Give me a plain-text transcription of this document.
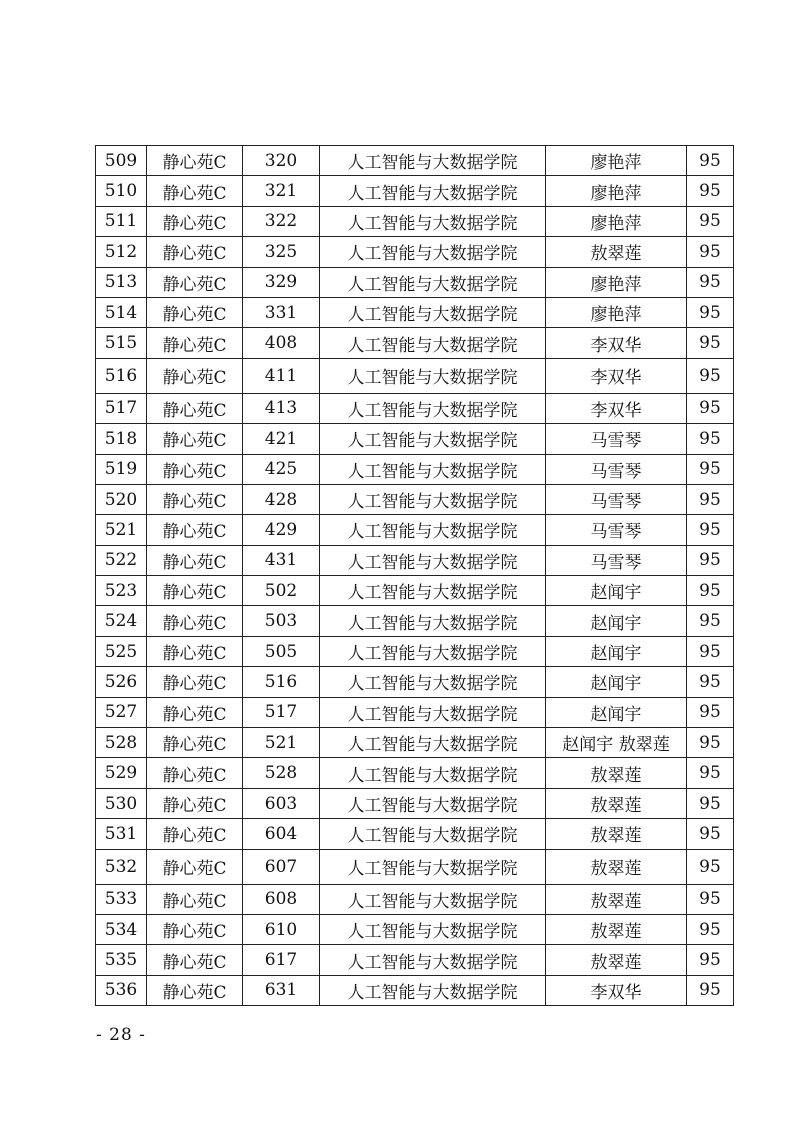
509	静心苑C	320	人工智能与大数据学院	廖艳萍	95
510	静心苑C	321	人工智能与大数据学院	廖艳萍	95
511	静心苑C	322	人工智能与大数据学院	廖艳萍	95
512	静心苑C	325	人工智能与大数据学院	敖翠莲	95
513	静心苑C	329	人工智能与大数据学院	廖艳萍	95
514	静心苑C	331	人工智能与大数据学院	廖艳萍	95
515	静心苑C	408	人工智能与大数据学院	李双华	95
516	静心苑C	411	人工智能与大数据学院	李双华	95
517	静心苑C	413	人工智能与大数据学院	李双华	95
518	静心苑C	421	人工智能与大数据学院	马雪琴	95
519	静心苑C	425	人工智能与大数据学院	马雪琴	95
520	静心苑C	428	人工智能与大数据学院	马雪琴	95
521	静心苑C	429	人工智能与大数据学院	马雪琴	95
522	静心苑C	431	人工智能与大数据学院	马雪琴	95
523	静心苑C	502	人工智能与大数据学院	赵闻宇	95
524	静心苑C	503	人工智能与大数据学院	赵闻宇	95
525	静心苑C	505	人工智能与大数据学院	赵闻宇	95
526	静心苑C	516	人工智能与大数据学院	赵闻宇	95
527	静心苑C	517	人工智能与大数据学院	赵闻宇	95
528	静心苑C	521	人工智能与大数据学院	赵闻宇 敖翠莲	95
529	静心苑C	528	人工智能与大数据学院	敖翠莲	95
530	静心苑C	603	人工智能与大数据学院	敖翠莲	95
531	静心苑C	604	人工智能与大数据学院	敖翠莲	95
532	静心苑C	607	人工智能与大数据学院	敖翠莲	95
533	静心苑C	608	人工智能与大数据学院	敖翠莲	95
534	静心苑C	610	人工智能与大数据学院	敖翠莲	95
535	静心苑C	617	人工智能与大数据学院	敖翠莲	95
536	静心苑C	631	人工智能与大数据学院	李双华	95
- 28 -
